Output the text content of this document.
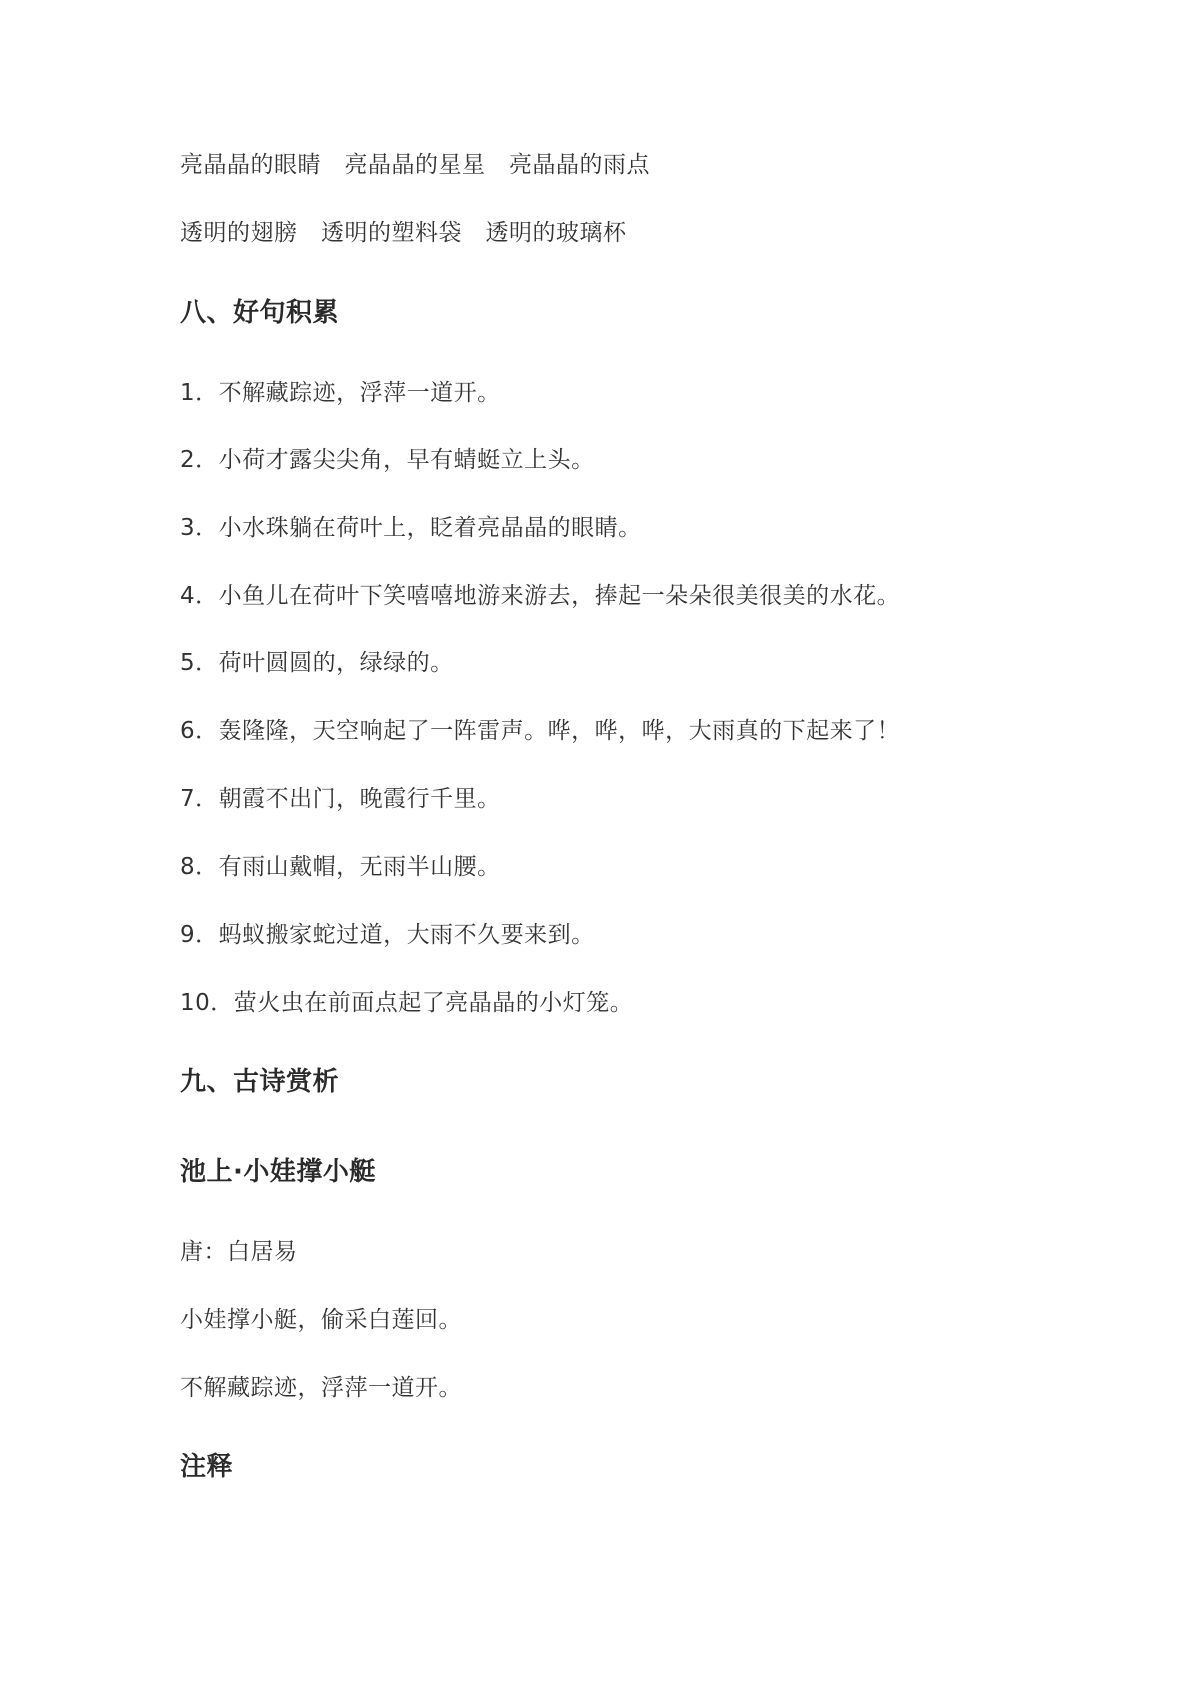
亮晶晶的眼睛　亮晶晶的星星　亮晶晶的雨点
透明的翅膀　透明的塑料袋　透明的玻璃杯
八、好句积累
1．不解藏踪迹，浮萍一道开。
2．小荷才露尖尖角，早有蜻蜓立上头。
3．小水珠躺在荷叶上，眨着亮晶晶的眼睛。
4．小鱼儿在荷叶下笑嘻嘻地游来游去，捧起一朵朵很美很美的水花。
5．荷叶圆圆的，绿绿的。
6．轰隆隆，天空响起了一阵雷声。哗，哗，哗，大雨真的下起来了！
7．朝霞不出门，晚霞行千里。
8．有雨山戴帽，无雨半山腰。
9．蚂蚁搬家蛇过道，大雨不久要来到。
10．萤火虫在前面点起了亮晶晶的小灯笼。
九、古诗赏析
池上·小娃撑小艇
唐：白居易
小娃撑小艇，偷采白莲回。
不解藏踪迹，浮萍一道开。
注释
